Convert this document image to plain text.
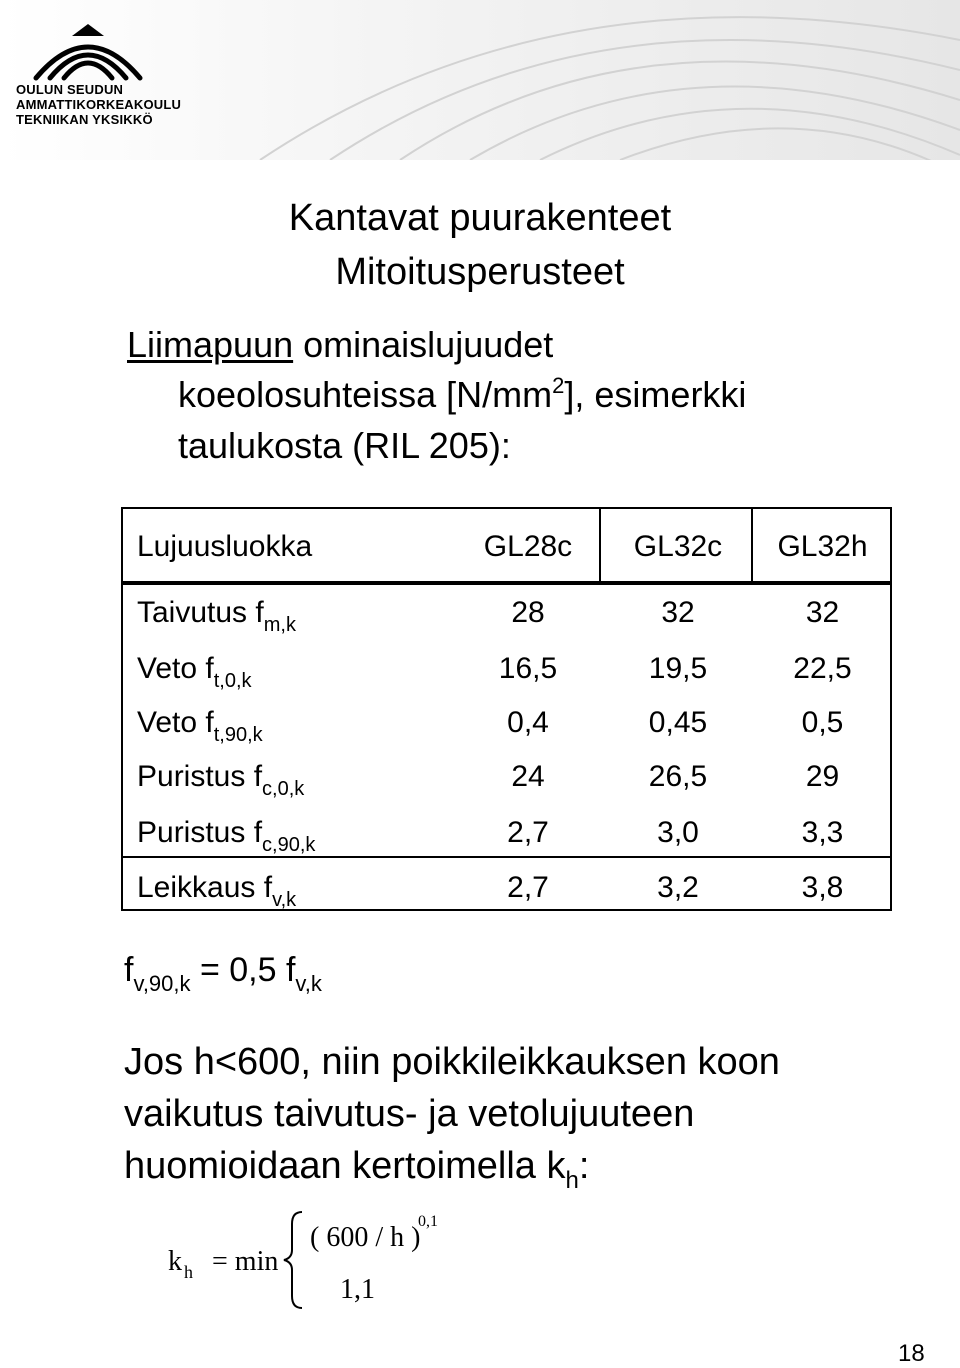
OULUN SEUDUN
AMMATTIKORKEAKOULU
TEKNIIKAN YKSIKKÖ
Kantavat puurakenteet
Mitoitusperusteet
Liimapuun ominaislujuudet
koeolosuhteissa $[N/mm^2]$, esimerkki
taulukosta (RIL 205):
Lujuusluokka	GL28c	GL32c	GL32h
Taivutus $f_{m,k}$	28	32	32
Veto $f_{t,0,k}$	16,5	19,5	22,5
Veto $f_{t,90,k}$	0,4	0,45	0,5
Puristus $f_{c,0,k}$	24	26,5	29
Puristus $f_{c,90,k}$	2,7	3,0	3,3
Leikkaus $f_{v,k}$	2,7	3,2	3,8
$f_{v,90,k} = 0,5$ $f_{v,k}$
Jos h<600, niin poikkileikkauksen koon
vaikutus taivutus- ja vetolujuuteen
huomioidaan kertoimella $k_h$:
k h = min
( 600 / h )
0,1
1,1
18
